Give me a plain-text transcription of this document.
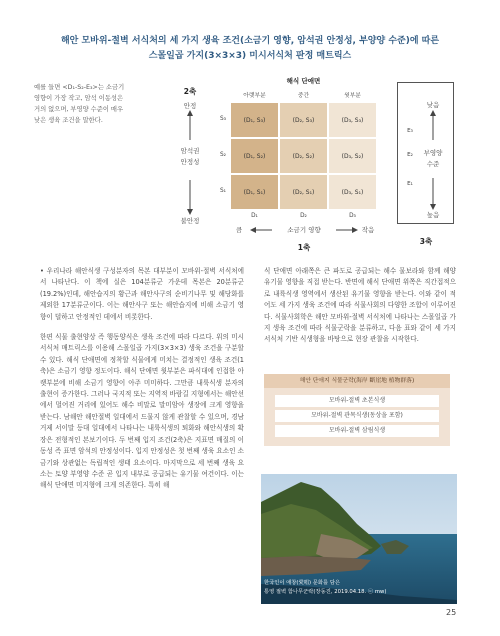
해안 모바위-절벽 서식처의 세 가지 생육 조건(소금기 영향, 암석권 안정성, 부양양 수준)에 따른
스몰일곱 가지(3×3×3) 미시서식처 판정 매트릭스
예를 들면 <D₁-S₂-E₃>는 소금기 영향이 가장 작고, 암석 이동성은 거의 없으며, 부영양 수준이 매우 낮은 생육 조건을 말한다.
2축
안정
암석권
안정성
불안정
해식 단애면
아랫부분	중간	윗부분
S₃
S₂
S₁
(D₁, S₃)	(D₂, S₃)	(D₃, S₃)
(D₁, S₂)	(D₂, S₂)	(D₃, S₂)
(D₁, S₁)	(D₂, S₁)	(D₃, S₁)
D₁	D₂	D₃
큼	소금기 영향	작음
1축
낮음
부영양
수준
높음
E₃
E₂
E₁
3축

• 우리나라 해안식생 구성분자의 목본 대부분이 모바위-절벽 서식처에서 나타난다. 이 책에 실은 104분류군 가운데 목본은 20분류군(19.2%)인데, 해안습지의 황근과 해안사구의 순비기나무 및 해당화를 제외한 17분류군이다. 이는 해안사구 또는 해안습지에 비해 소금기 영향이 덜하고 안정적인 데에서 비롯한다.

한편 식물 출현양상 즉 행동양식은 생육 조건에 따라 다르다. 위의 미시서식처 매트릭스를 이용해 스몰일곱 가지(3×3×3) 생육 조건을 구분할 수 있다. 해식 단애면에 정착할 식물에게 미치는 결정적인 생육 조건(1축)은 소금기 영향 정도이다. 해식 단애면 윗부분은 파식대에 인접한 아랫부분에 비해 소금기 영향이 아주 미미하다. 그만큼 내륙식생 분자의 출현이 증가한다. 그러나 국지적 또는 지역적 바람길 지형에서는 해안선에서 멀어진 거리에 있어도 해수 비말로 말미암아 생장에 크게 영향을 받는다. 남해안 해안절벽 일대에서 드물지 않게 관찰할 수 있으며, 경남 거제 서이말 등대 일대에서 나타나는 내륙식생의 퇴화와 해안식생의 확장은 전형적인 본보기이다. 두 번째 입지 조건(2축)은 지표면 매질의 이동성 즉 표면 암석의 안정성이다. 입지 안정성은 첫 번째 생육 요소인 소금기와 상관없는 독립적인 생태 요소이다. 마지막으로 세 번째 생육 요소는 토양 부영양 수준 곧 입지 내부로 공급되는 유기물 여건이다. 이는 해식 단애면 미지형에 크게 의존한다. 특히 해

식 단애면 아래쪽은 큰 파도로 공급되는 해수 물보라와 함께 해양 유기물 영향을 직접 받는다. 반면에 해식 단애면 위쪽은 직간접적으로 내륙식생 영역에서 생산된 유기물 영향을 받는다. 이와 같이 적어도 세 가지 생육 조건에 따라 식물사회의 다양한 조합이 이루어진다. 식물사회학은 해안 모바위-절벽 서식처에 나타나는 스몰일곱 가지 생육 조건에 따라 식물군락을 분류하고, 다음 표와 같이 세 가지 서식처 기반 식생형을 바탕으로 현장 관찰을 시작한다.

해안 단애지 식물군락(海岸 斷崖地 植物群落)
모바위-절벽 초본식생
모바위-절벽 관목식생(동상을 포함)
모바위-절벽 삼림식생
한국인이 애창(愛唱) 문화를 담은
통영 절벽 함나무군락(장동진, 2019.04.18. ⓒ mw)
25
